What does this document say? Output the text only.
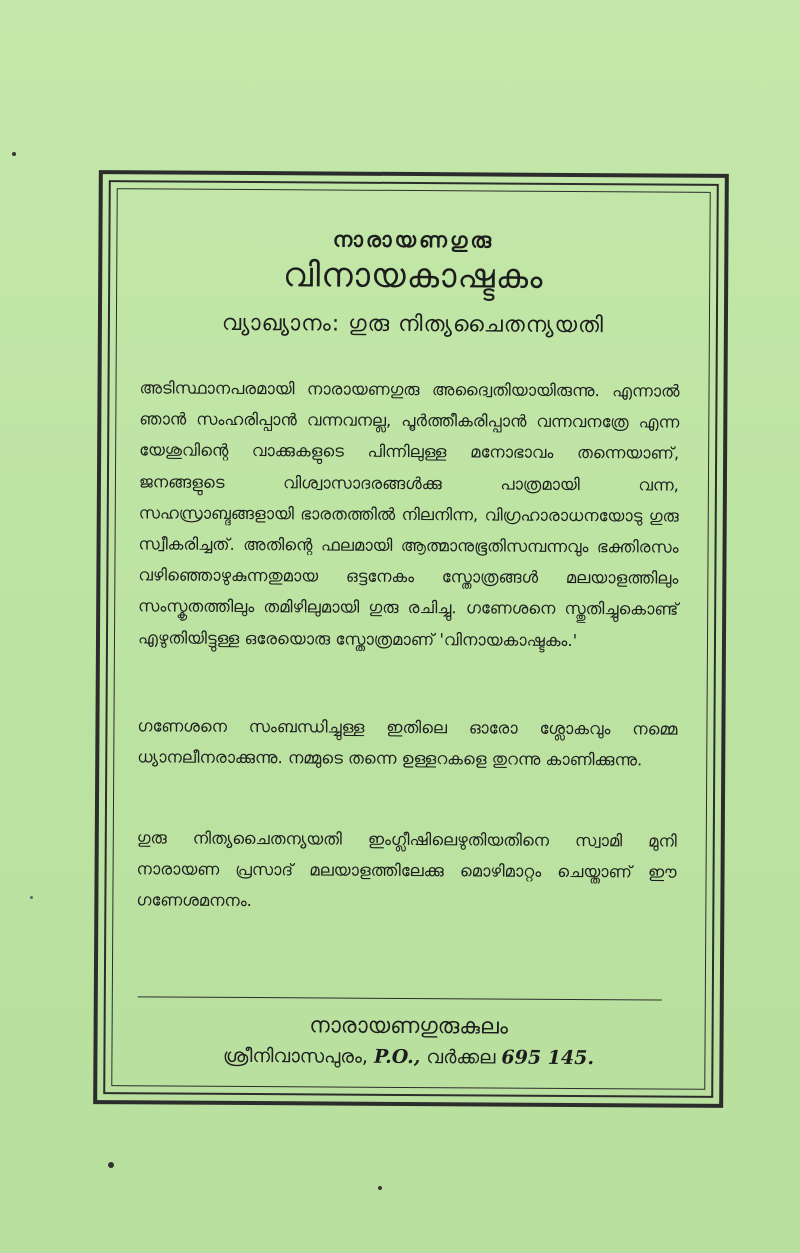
നാരായണഗുരു
വിനായകാഷ്ടകം
വ്യാഖ്യാനം: ഗുരു നിത്യചൈതന്യയതി
അടിസ്ഥാനപരമായി നാരായണഗുരു അദ്വൈതിയായിരുന്നു. എന്നാൽ ഞാൻ സംഹരിപ്പാൻ വന്നവനല്ല, പൂർത്തീകരിപ്പാൻ വന്നവനത്രേ എന്ന യേശുവിന്റെ വാക്കുകളുടെ പിന്നിലുള്ള മനോഭാവം തന്നെയാണ്, ജനങ്ങളുടെ വിശ്വാസാദരങ്ങൾക്കു പാത്രമായി വന്ന, സഹസ്രാബ്ദങ്ങളായി ഭാരതത്തിൽ നിലനിന്ന, വിഗ്രഹാരാധനയോടു ഗുരു സ്വീകരിച്ചത്. അതിന്റെ ഫലമായി ആത്മാനുഭൂതിസമ്പന്നവും ഭക്തിരസം വഴിഞ്ഞൊഴുകുന്നതുമായ ഒട്ടനേകം സ്തോത്രങ്ങൾ മലയാളത്തിലും സംസ്കൃതത്തിലും തമിഴിലുമായി ഗുരു രചിച്ചു. ഗണേശനെ സ്തുതിച്ചുകൊണ്ട് എഴുതിയിട്ടുള്ള ഒരേയൊരു സ്തോത്രമാണ് 'വിനായകാഷ്ടകം.'
ഗണേശനെ സംബന്ധിച്ചുള്ള ഇതിലെ ഓരോ ശ്ലോകവും നമ്മെ ധ്യാനലീനരാക്കുന്നു. നമ്മുടെ തന്നെ ഉള്ളറകളെ തുറന്നു കാണിക്കുന്നു.
ഗുരു നിത്യചൈതന്യയതി ഇംഗ്ലീഷിലെഴുതിയതിനെ സ്വാമി മുനി നാരായണ പ്രസാദ് മലയാളത്തിലേക്കു മൊഴിമാറ്റം ചെയ്താണ് ഈ ഗണേശമനനം.
നാരായണഗുരുകുലം
ശ്രീനിവാസപുരം, P.O., വർക്കല 695 145.
